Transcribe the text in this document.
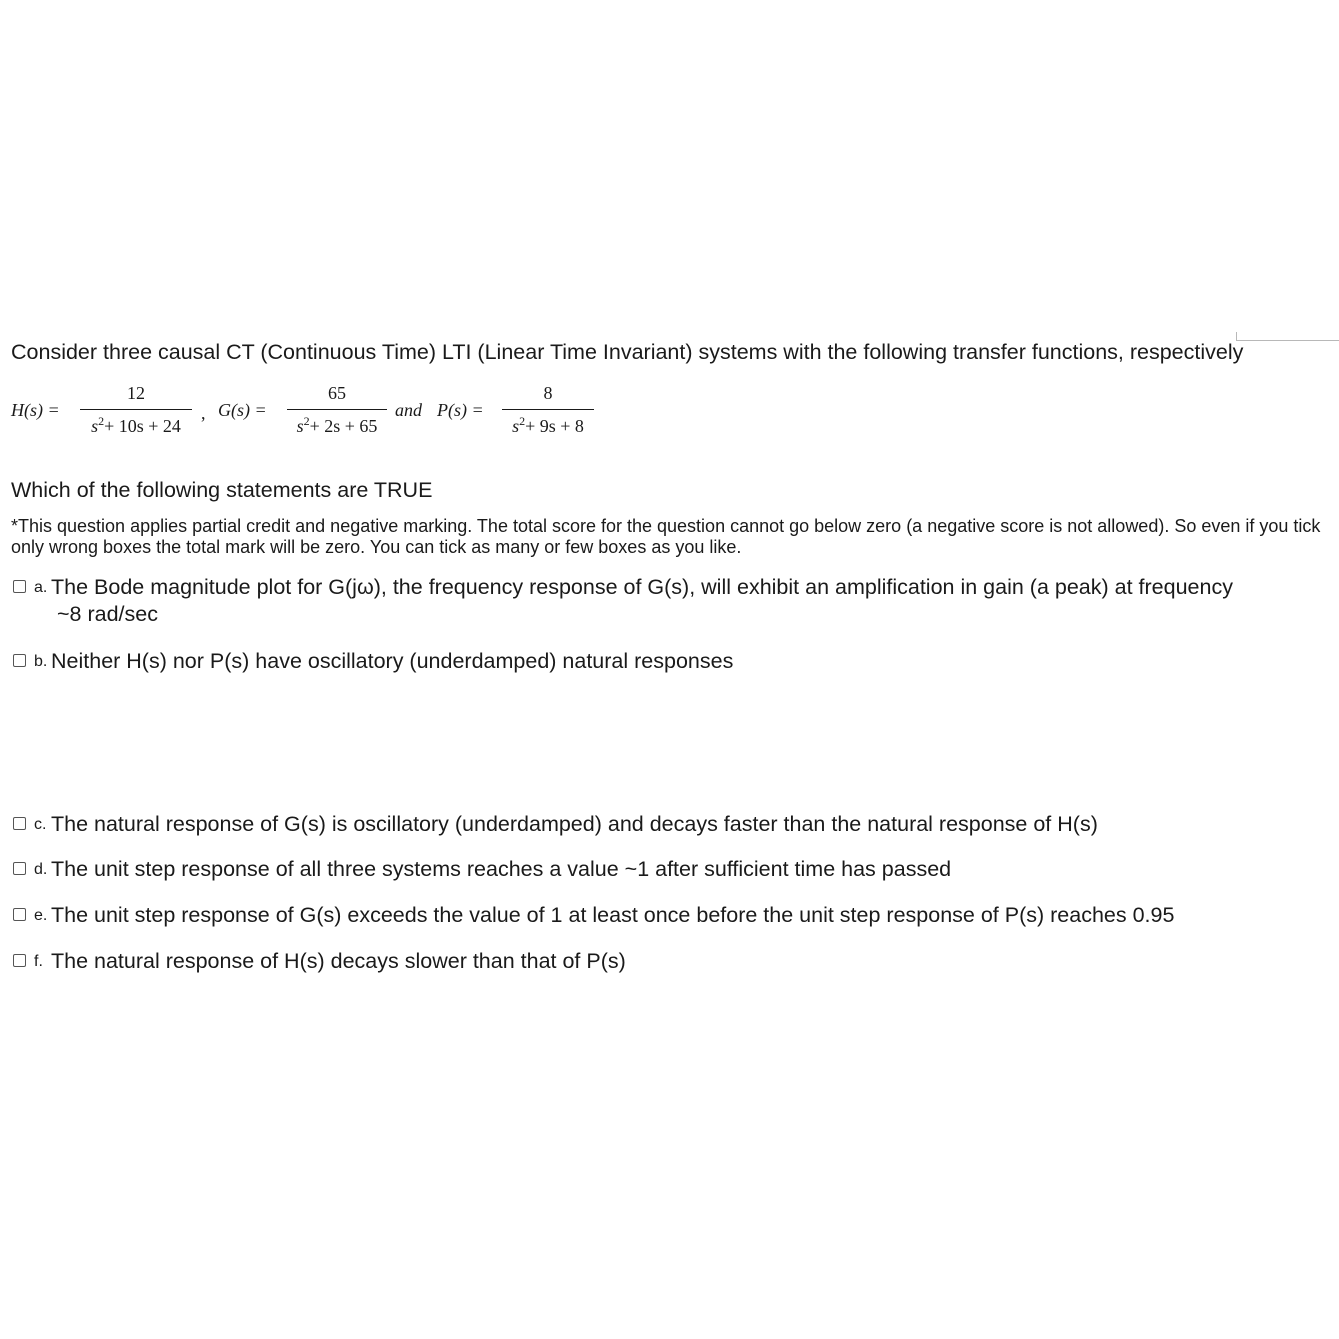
Consider three causal CT (Continuous Time) LTI (Linear Time Invariant) systems with the following transfer functions, respectively

H(s) =
12
$s^2+ 10s + 24$
, G(s) =
65
$s^2+ 2s + 65$
and P(s) =
8
$s^2+ 9s + 8$

Which of the following statements are TRUE

*This question applies partial credit and negative marking. The total score for the question cannot go below zero (a negative score is not allowed). So even if you tick only wrong boxes the total mark will be zero. You can tick as many or few boxes as you like.

a. The Bode magnitude plot for G(jω), the frequency response of G(s), will exhibit an amplification in gain (a peak) at frequency
~8 rad/sec
b. Neither H(s) nor P(s) have oscillatory (underdamped) natural responses
c. The natural response of G(s) is oscillatory (underdamped) and decays faster than the natural response of H(s)
d. The unit step response of all three systems reaches a value ~1 after sufficient time has passed
e. The unit step response of G(s) exceeds the value of 1 at least once before the unit step response of P(s) reaches 0.95
f. The natural response of H(s) decays slower than that of P(s)
